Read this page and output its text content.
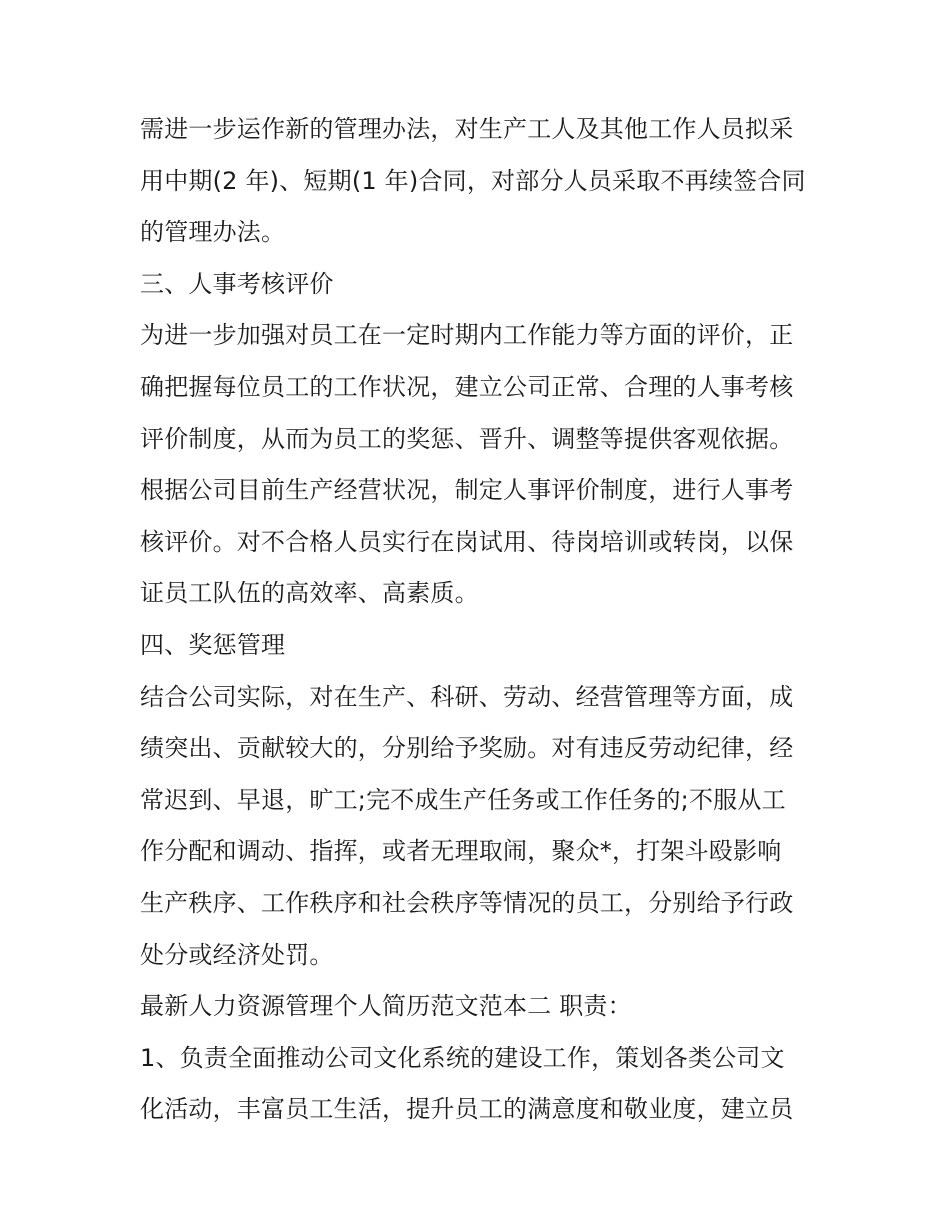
需进一步运作新的管理办法，对生产工人及其他工作人员拟采
用中期(2 年)、短期(1 年)合同，对部分人员采取不再续签合同
的管理办法。
三、人事考核评价
为进一步加强对员工在一定时期内工作能力等方面的评价，正
确把握每位员工的工作状况，建立公司正常、合理的人事考核
评价制度，从而为员工的奖惩、晋升、调整等提供客观依据。
根据公司目前生产经营状况，制定人事评价制度，进行人事考
核评价。对不合格人员实行在岗试用、待岗培训或转岗，以保
证员工队伍的高效率、高素质。
四、奖惩管理
结合公司实际，对在生产、科研、劳动、经营管理等方面，成
绩突出、贡献较大的，分别给予奖励。对有违反劳动纪律，经
常迟到、早退，旷工;完不成生产任务或工作任务的;不服从工
作分配和调动、指挥，或者无理取闹，聚众*，打架斗殴影响
生产秩序、工作秩序和社会秩序等情况的员工，分别给予行政
处分或经济处罚。
最新人力资源管理个人简历范文范本二 职责：
1、负责全面推动公司文化系统的建设工作，策划各类公司文
化活动，丰富员工生活，提升员工的满意度和敬业度，建立员
